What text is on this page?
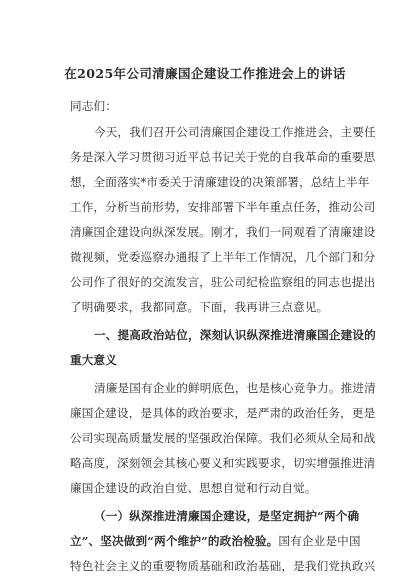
在2025年公司清廉国企建设工作推进会上的讲话
同志们：
今天，我们召开公司清廉国企建设工作推进会，主要任
务是深入学习贯彻习近平总书记关于党的自我革命的重要思
想，全面落实*市委关于清廉建设的决策部署，总结上半年
工作，分析当前形势，安排部署下半年重点任务，推动公司
清廉国企建设向纵深发展。刚才，我们一同观看了清廉建设
微视频，党委巡察办通报了上半年工作情况，几个部门和分
公司作了很好的交流发言，驻公司纪检监察组的同志也提出
了明确要求，我都同意。下面，我再讲三点意见。
一、提高政治站位，深刻认识纵深推进清廉国企建设的
重大意义
清廉是国有企业的鲜明底色，也是核心竞争力。推进清
廉国企建设，是具体的政治要求，是严肃的政治任务，更是
公司实现高质量发展的坚强政治保障。我们必须从全局和战
略高度，深刻领会其核心要义和实践要求，切实增强推进清
廉国企建设的政治自觉、思想自觉和行动自觉。
（一）纵深推进清廉国企建设，是坚定拥护“两个确
立”、坚决做到“两个维护”的政治检验。国有企业是中国
特色社会主义的重要物质基础和政治基础，是我们党执政兴
